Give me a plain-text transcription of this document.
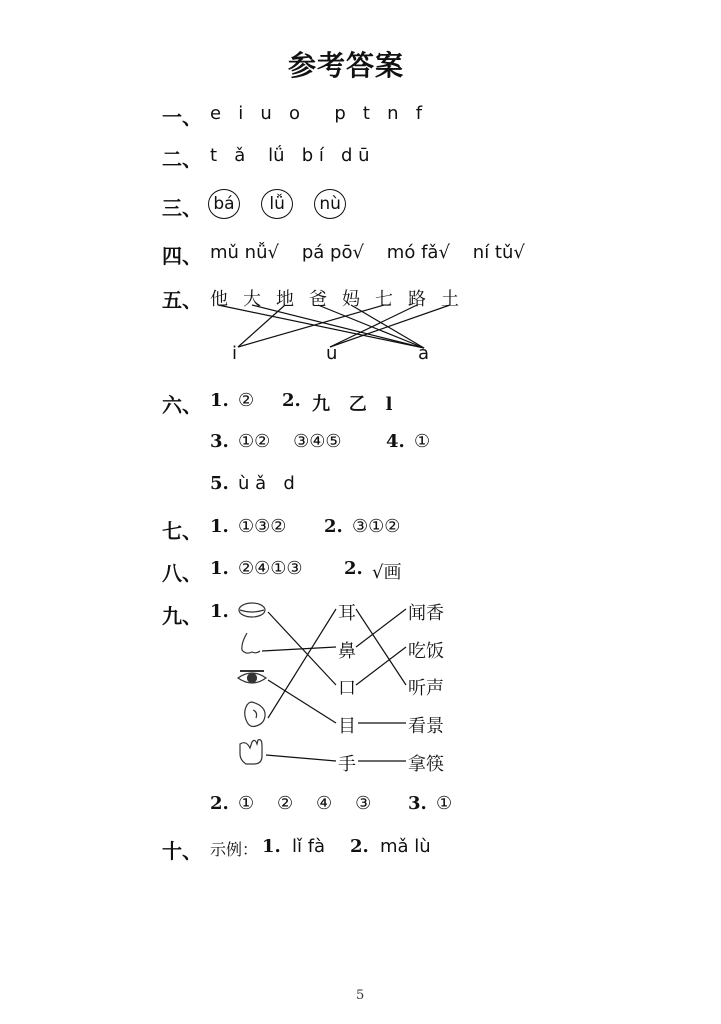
参考答案
一、 e   i   u   o      p   t   n   f
二、 t   ǎ    lǘ   b í   d ū
三、 bá lǚ nù
四、 mǔ nǚ√    pá pō√    mó fǎ√    ní tǔ√
五、 他 大 地 爸 妈 七 路 土
i	u	a
六、 1. ② 2. 九   乙   l
3. ①②    ③④⑤ 4. ①
5. ù ǎ   d
七、 1. ①③② 2. ③①②
八、 1. ②④①③ 2. √画
九、 1.	耳
鼻
口
目
手
闻香
吃饭
听声
看景
拿筷
2. ①    ②    ④    ③ 3. ①
十、 示例： 1. lǐ fà 2. mǎ lù
5
